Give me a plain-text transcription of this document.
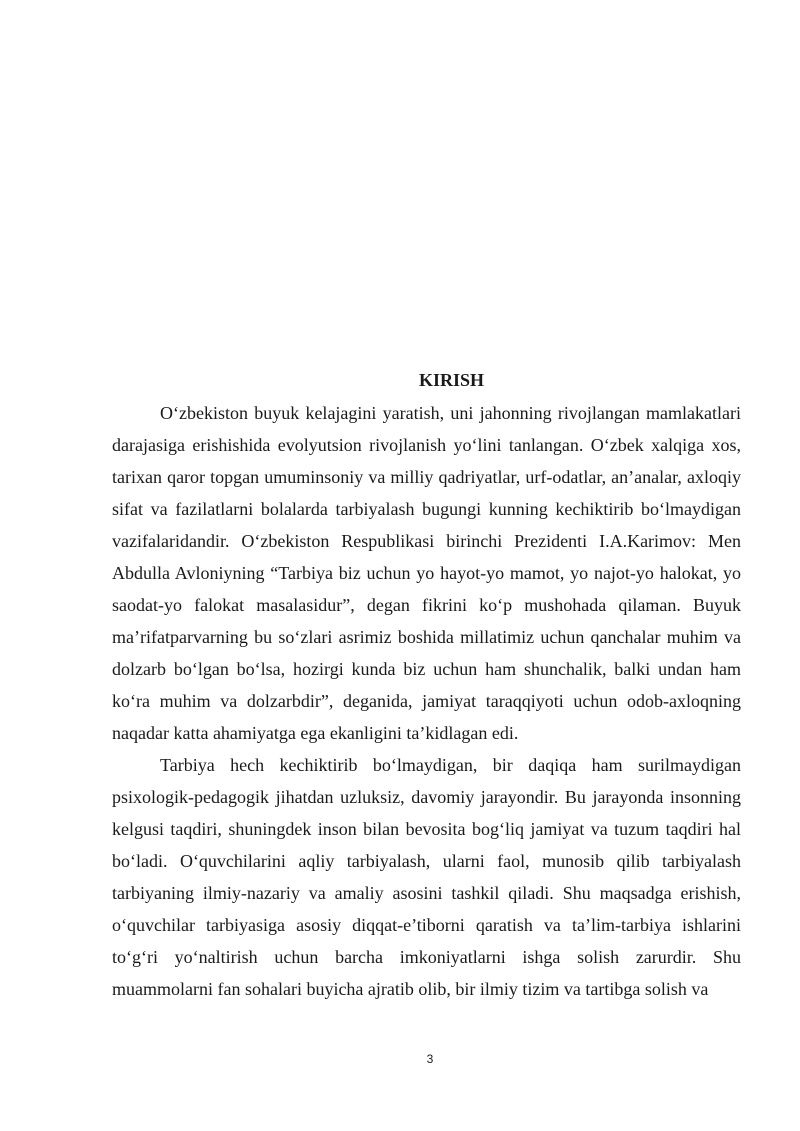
KIRISH

O‘zbekiston buyuk kelajagini yaratish, uni jahonning rivojlangan mamlakatlari darajasiga erishishida evolyutsion rivojlanish yo‘lini tanlangan. O‘zbek xalqiga xos, tarixan qaror topgan umuminsoniy va milliy qadriyatlar, urf-odatlar, an’analar, axloqiy sifat va fazilatlarni bolalarda tarbiyalash bugungi kunning kechiktirib bo‘lmaydigan vazifalaridandir. O‘zbekiston Respublikasi birinchi Prezidenti I.A.Karimov: Men Abdulla Avloniyning “Tarbiya biz uchun yo hayot-yo mamot, yo najot-yo halokat, yo saodat-yo falokat masalasidur”, degan fikrini ko‘p mushohada qilaman. Buyuk ma’rifatparvarning bu so‘zlari asrimiz boshida millatimiz uchun qanchalar muhim va dolzarb bo‘lgan bo‘lsa, hozirgi kunda biz uchun ham shunchalik, balki undan ham ko‘ra muhim va dolzarbdir”, deganida, jamiyat taraqqiyoti uchun odob-axloqning naqadar katta ahamiyatga ega ekanligini ta’kidlagan edi.

Tarbiya hech kechiktirib bo‘lmaydigan, bir daqiqa ham surilmaydigan psixologik-pedagogik jihatdan uzluksiz, davomiy jarayondir. Bu jarayonda insonning kelgusi taqdiri, shuningdek inson bilan bevosita bog‘liq jamiyat va tuzum taqdiri hal bo‘ladi. O‘quvchilarini aqliy tarbiyalash, ularni faol, munosib qilib tarbiyalash tarbiyaning ilmiy-nazariy va amaliy asosini tashkil qiladi. Shu maqsadga erishish, o‘quvchilar tarbiyasiga asosiy diqqat-e’tiborni qaratish va ta’lim-tarbiya ishlarini to‘g‘ri yo‘naltirish uchun barcha imkoniyatlarni ishga solish zarurdir. Shu muammolarni fan sohalari buyicha ajratib olib, bir ilmiy tizim va tartibga solish va

3
